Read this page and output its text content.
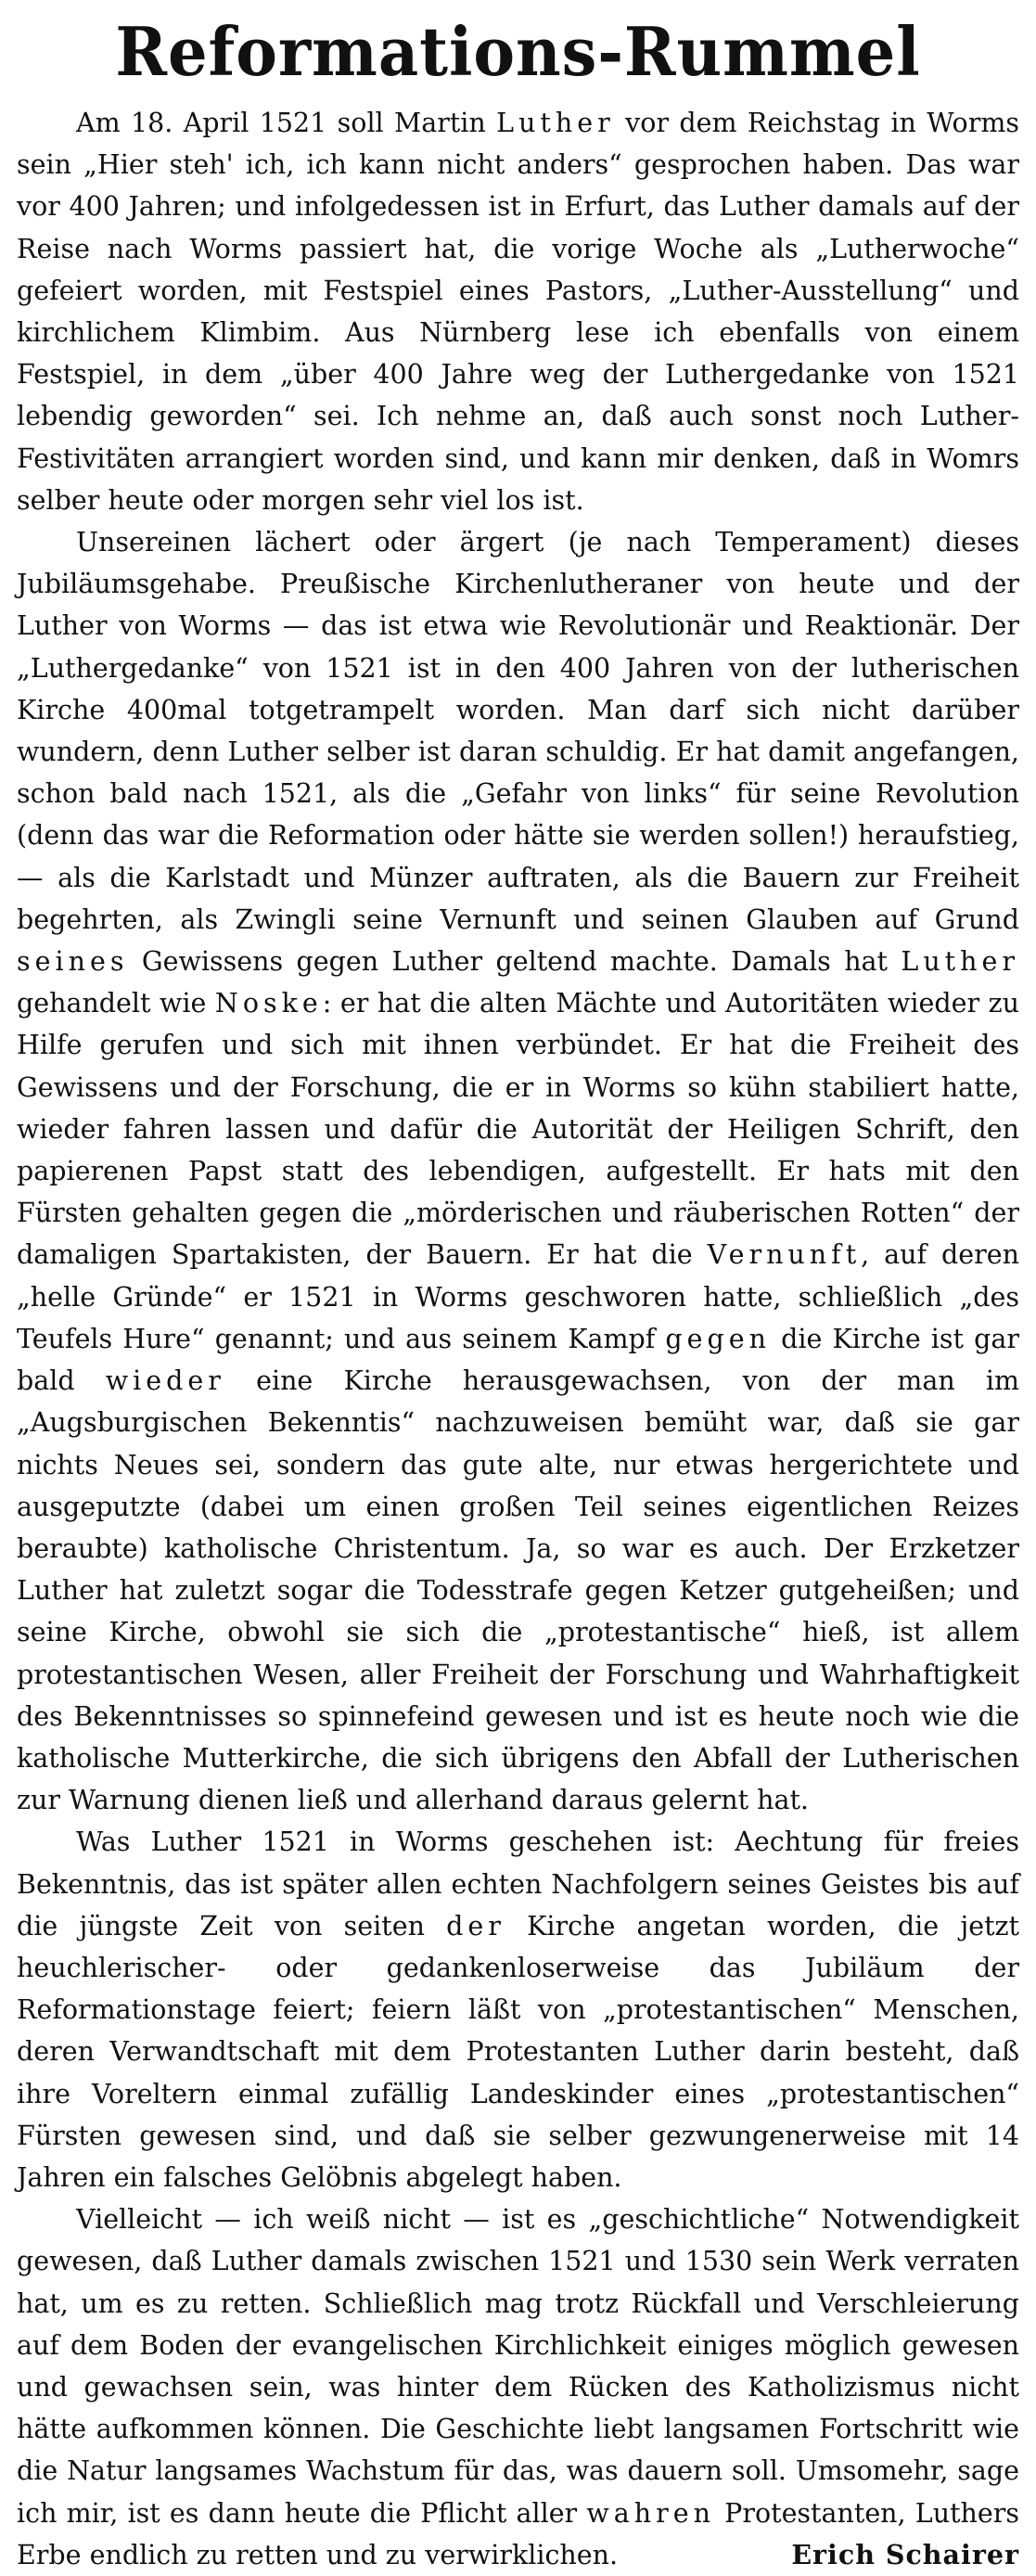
Reformations-Rummel

Am 18. April 1521 soll Martin Luther vor dem Reichstag in Worms sein „Hier steh' ich, ich kann nicht anders“ gesprochen haben. Das war vor 400 Jahren; und infolgedessen ist in Erfurt, das Luther damals auf der Reise nach Worms passiert hat, die vorige Woche als „Lutherwoche“ gefeiert worden, mit Festspiel eines Pastors, „Luther-Ausstellung“ und kirchlichem Klimbim. Aus Nürnberg lese ich ebenfalls von einem Festspiel, in dem „über 400 Jahre weg der Luthergedanke von 1521 lebendig geworden“ sei. Ich nehme an, daß auch sonst noch Luther-Festivitäten arrangiert worden sind, und kann mir denken, daß in Womrs selber heute oder morgen sehr viel los ist.

Unsereinen lächert oder ärgert (je nach Temperament) dieses Jubiläumsgehabe. Preußische Kirchenlutheraner von heute und der Luther von Worms — das ist etwa wie Revolutionär und Reaktionär. Der „Luthergedanke“ von 1521 ist in den 400 Jahren von der lutherischen Kirche 400mal totgetrampelt worden. Man darf sich nicht darüber wundern, denn Luther selber ist daran schuldig. Er hat damit angefangen, schon bald nach 1521, als die „Gefahr von links“ für seine Revolution (denn das war die Reformation oder hätte sie werden sollen!) heraufstieg, — als die Karlstadt und Münzer auftraten, als die Bauern zur Freiheit begehrten, als Zwingli seine Vernunft und seinen Glauben auf Grund seines Gewissens gegen Luther geltend machte. Damals hat Luther gehandelt wie Noske: er hat die alten Mächte und Autoritäten wieder zu Hilfe gerufen und sich mit ihnen verbündet. Er hat die Freiheit des Gewissens und der Forschung, die er in Worms so kühn stabiliert hatte, wieder fahren lassen und dafür die Autorität der Heiligen Schrift, den papierenen Papst statt des lebendigen, aufgestellt. Er hats mit den Fürsten gehalten gegen die „mörderischen und räuberischen Rotten“ der damaligen Spartakisten, der Bauern. Er hat die Vernunft, auf deren „helle Gründe“ er 1521 in Worms geschworen hatte, schließlich „des Teufels Hure“ genannt; und aus seinem Kampf gegen die Kirche ist gar bald wieder eine Kirche herausgewachsen, von der man im „Augsburgischen Bekenntis“ nachzuweisen bemüht war, daß sie gar nichts Neues sei, sondern das gute alte, nur etwas hergerichtete und ausgeputzte (dabei um einen großen Teil seines eigentlichen Reizes beraubte) katholische Christentum. Ja, so war es auch. Der Erzketzer Luther hat zuletzt sogar die Todesstrafe gegen Ketzer gutgeheißen; und seine Kirche, obwohl sie sich die „protestantische“ hieß, ist allem protestantischen Wesen, aller Freiheit der Forschung und Wahrhaftigkeit des Bekenntnisses so spinnefeind gewesen und ist es heute noch wie die katholische Mutterkirche, die sich übrigens den Abfall der Lutherischen zur Warnung dienen ließ und allerhand daraus gelernt hat.

Was Luther 1521 in Worms geschehen ist: Aechtung für freies Bekenntnis, das ist später allen echten Nachfolgern seines Geistes bis auf die jüngste Zeit von seiten der Kirche angetan worden, die jetzt heuchlerischer- oder gedankenloserweise das Jubiläum der Reformationstage feiert; feiern läßt von „protestantischen“ Menschen, deren Verwandtschaft mit dem Protestanten Luther darin besteht, daß ihre Voreltern einmal zufällig Landeskinder eines „protestantischen“ Fürsten gewesen sind, und daß sie selber gezwungenerweise mit 14 Jahren ein falsches Gelöbnis abgelegt haben.

Vielleicht — ich weiß nicht — ist es „geschichtliche“ Notwendigkeit gewesen, daß Luther damals zwischen 1521 und 1530 sein Werk verraten hat, um es zu retten. Schließlich mag trotz Rückfall und Verschleierung auf dem Boden der evangelischen Kirchlichkeit einiges möglich gewesen und gewachsen sein, was hinter dem Rücken des Katholizismus nicht hätte aufkommen können. Die Geschichte liebt langsamen Fortschritt wie die Natur langsames Wachstum für das, was dauern soll. Umsomehr, sage ich mir, ist es dann heute die Pflicht aller wahren Protestanten, Luthers Erbe endlich zu retten und zu verwirklichen.	Erich Schairer
